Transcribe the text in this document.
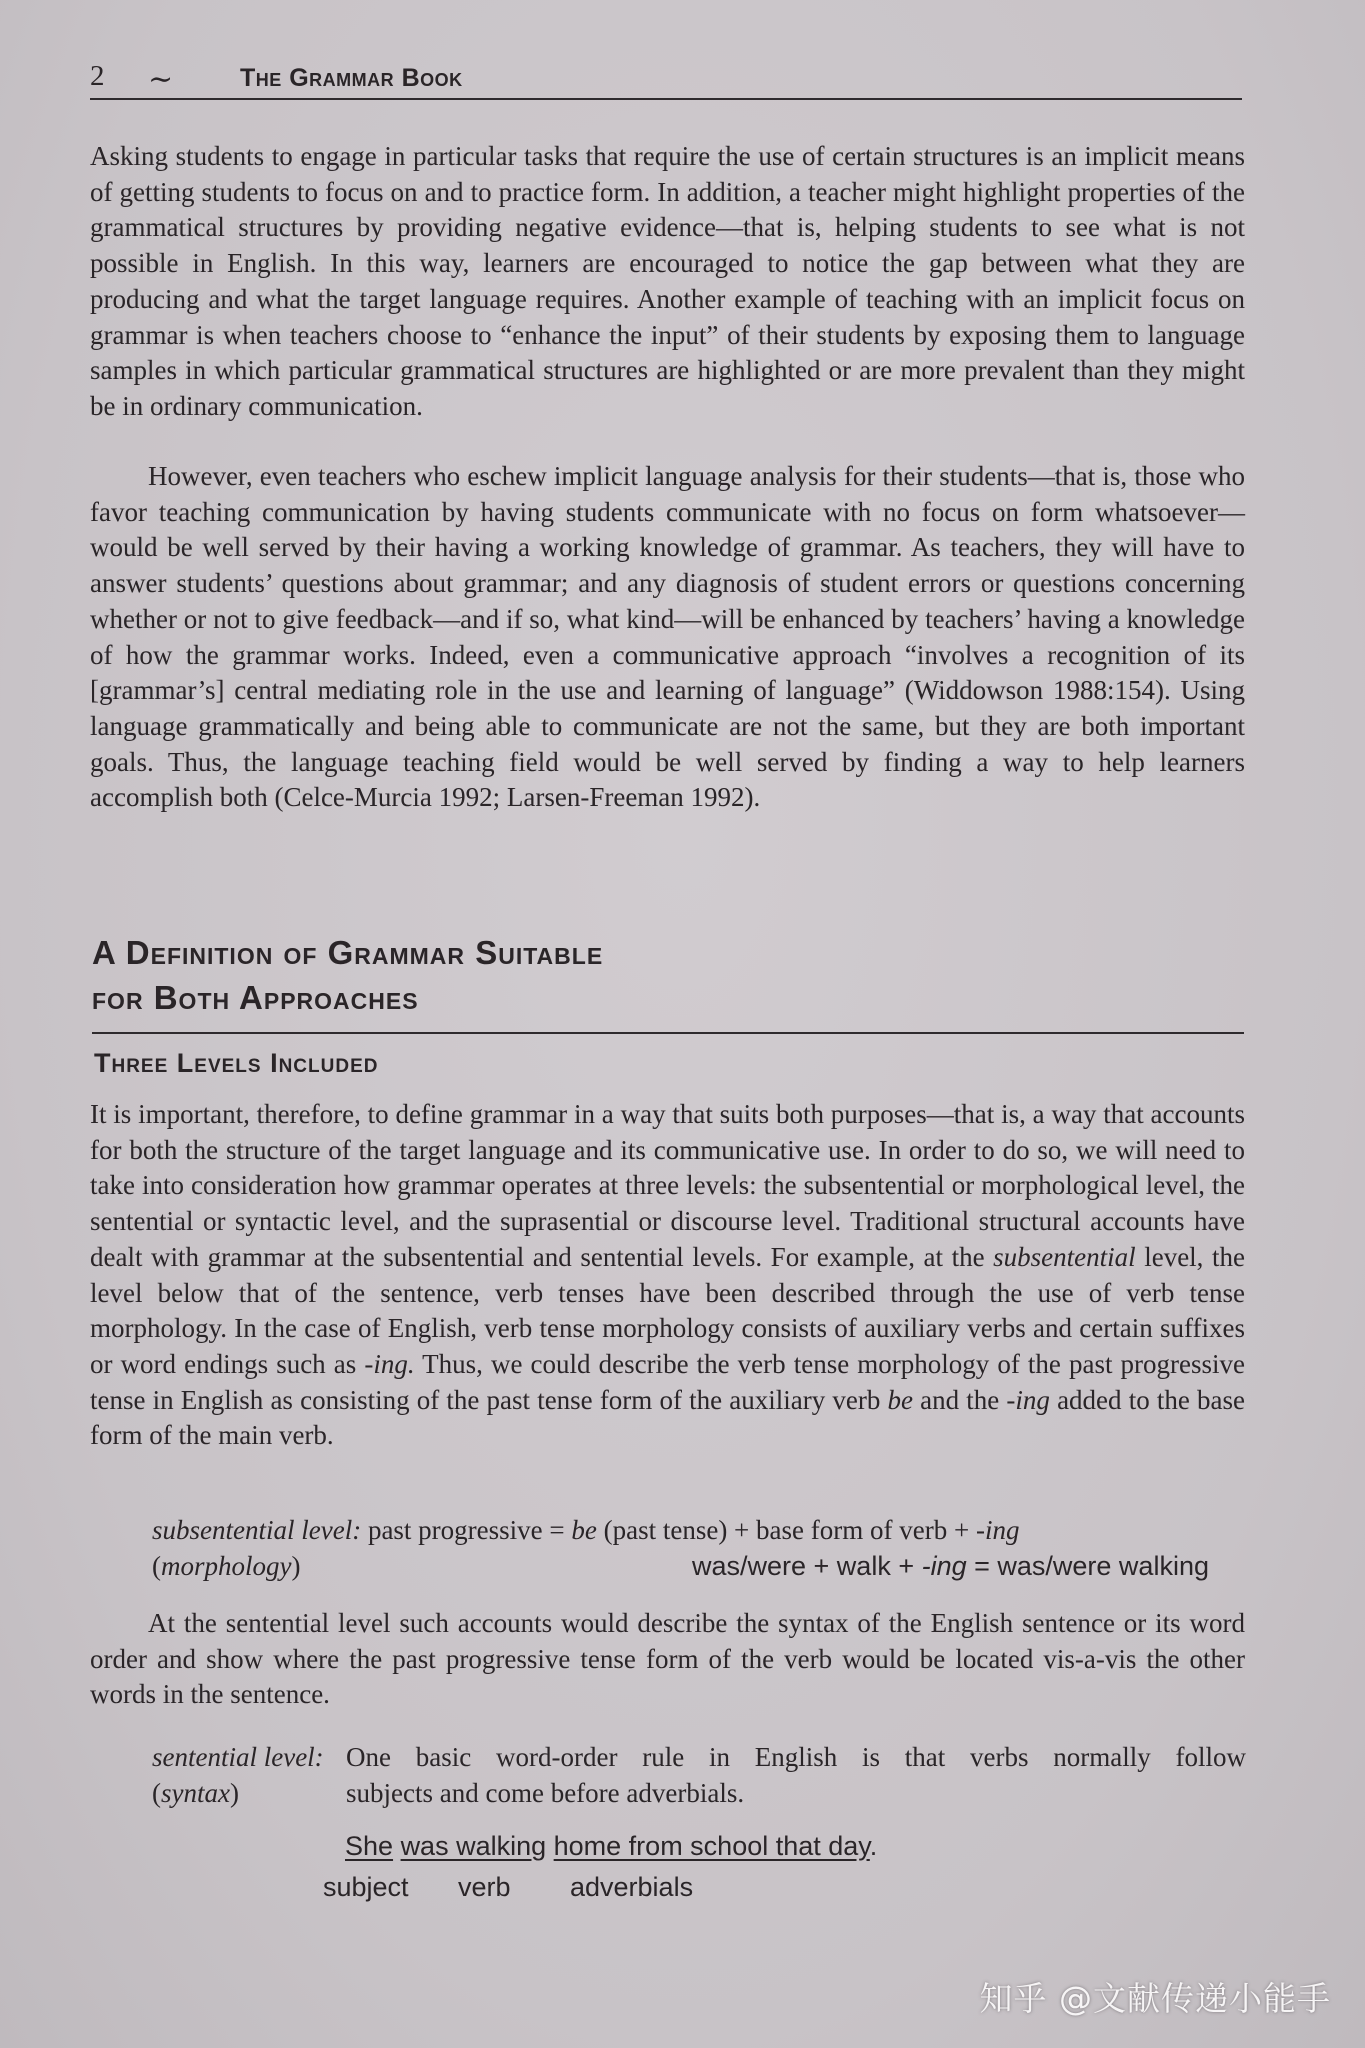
2 ∼	The Grammar Book

Asking students to engage in particular tasks that require the use of certain structures is an implicit means of getting students to focus on and to practice form. In addition, a teacher might highlight properties of the grammatical structures by providing negative evidence—that is, helping students to see what is not possible in English. In this way, learners are encouraged to notice the gap between what they are producing and what the target language requires. Another example of teaching with an implicit focus on grammar is when teachers choose to “enhance the input” of their students by exposing them to language samples in which particular grammatical structures are highlighted or are more prevalent than they might be in ordinary communication.

However, even teachers who eschew implicit language analysis for their students—that is, those who favor teaching communication by having students communicate with no focus on form whatsoever—would be well served by their having a working knowledge of grammar. As teachers, they will have to answer students’ questions about grammar; and any diagnosis of student errors or questions concerning whether or not to give feedback—and if so, what kind—will be enhanced by teachers’ having a knowledge of how the grammar works. Indeed, even a communicative approach “involves a recognition of its [grammar’s] central mediating role in the use and learning of language” (Widdowson 1988:154). Using language grammatically and being able to communicate are not the same, but they are both important goals. Thus, the language teaching field would be well served by finding a way to help learners accomplish both (Celce-Murcia 1992; Larsen-Freeman 1992).

A Definition of Grammar Suitable
for Both Approaches
Three Levels Included

It is important, therefore, to define grammar in a way that suits both purposes—that is, a way that accounts for both the structure of the target language and its communicative use. In order to do so, we will need to take into consideration how grammar operates at three levels: the subsentential or morphological level, the sentential or syntactic level, and the suprasential or discourse level. Traditional structural accounts have dealt with grammar at the subsentential and sentential levels. For example, at the subsentential level, the level below that of the sentence, verb tenses have been described through the use of verb tense morphology. In the case of English, verb tense morphology consists of auxiliary verbs and certain suffixes or word endings such as -ing. Thus, we could describe the verb tense morphology of the past progressive tense in English as consisting of the past tense form of the auxiliary verb be and the -ing added to the base form of the main verb.

subsentential level: past progressive = be (past tense) + base form of verb + -ing
(morphology)	was/were + walk + -ing = was/were walking

At the sentential level such accounts would describe the syntax of the English sentence or its word order and show where the past progressive tense form of the verb would be located vis-a-vis the other words in the sentence.

sentential level: One basic word-order rule in English is that verbs normally follow
(syntax)	subjects and come before adverbials.
She was walking home from school that day.
subject verb adverbials
知乎 @文献传递小能手
